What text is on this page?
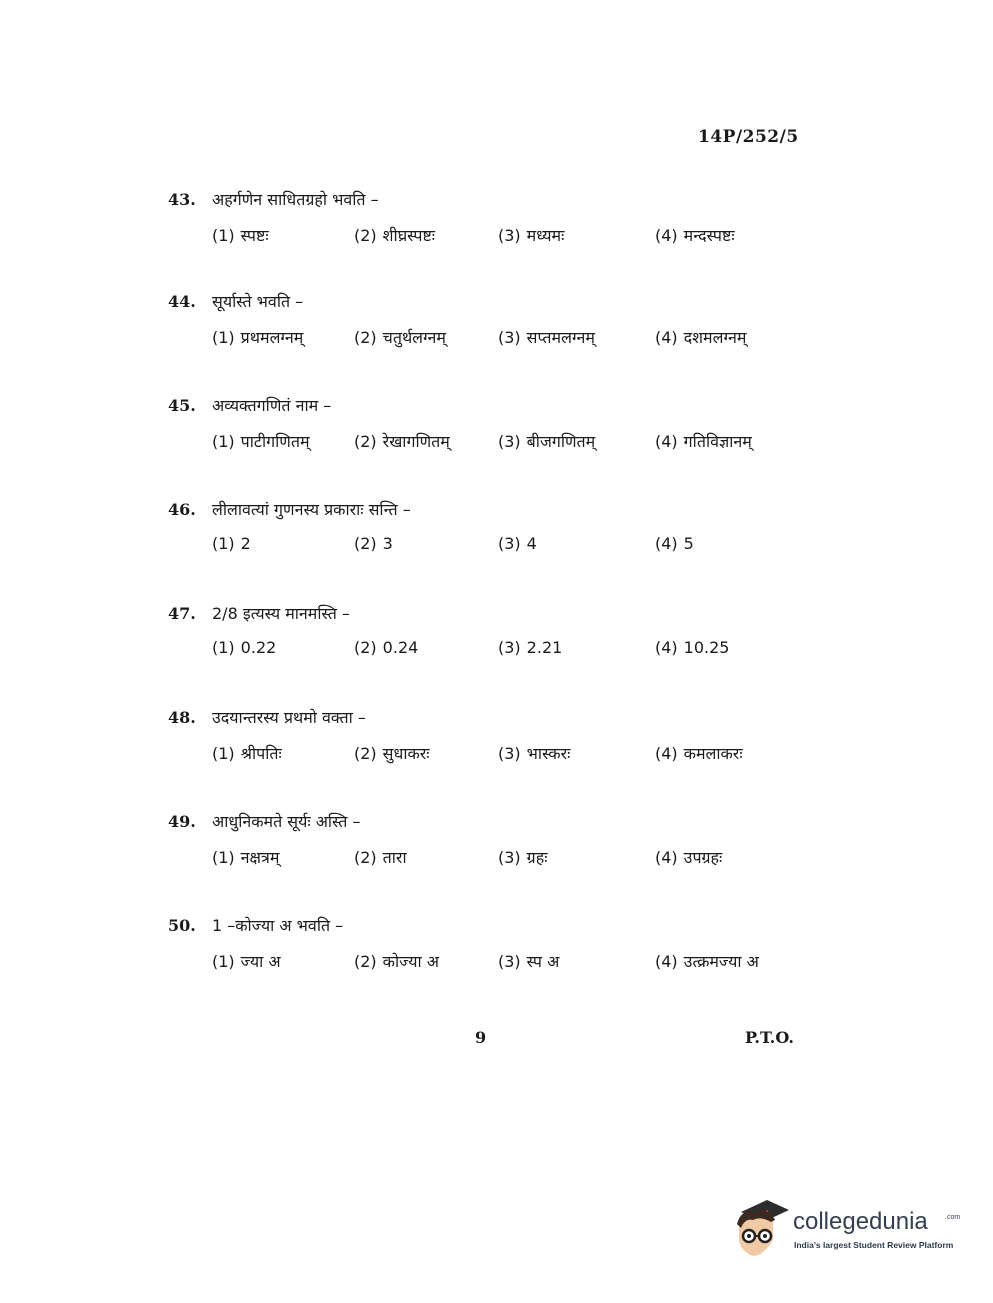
14P/252/5
43.	अहर्गणेन साधितग्रहो भवति –
(1) स्पष्टः	(2) शीघ्रस्पष्टः	(3) मध्यमः	(4) मन्दस्पष्टः
44.	सूर्यास्ते भवति –
(1) प्रथमलग्नम्	(2) चतुर्थलग्नम्	(3) सप्तमलग्नम्	(4) दशमलग्नम्
45.	अव्यक्तगणितं नाम –
(1) पाटीगणितम्	(2) रेखागणितम्	(3) बीजगणितम्	(4) गतिविज्ञानम्
46.	लीलावत्यां गुणनस्य प्रकाराः सन्ति –
(1) 2	(2) 3	(3) 4	(4) 5
47.	2/8 इत्यस्य मानमस्ति –
(1) 0.22	(2) 0.24	(3) 2.21	(4) 10.25
48.	उदयान्तरस्य प्रथमो वक्ता –
(1) श्रीपतिः	(2) सुधाकरः	(3) भास्करः	(4) कमलाकरः
49.	आधुनिकमते सूर्यः अस्ति –
(1) नक्षत्रम्	(2) तारा	(3) ग्रहः	(4) उपग्रहः
50.	1 –कोज्या अ भवति –
(1) ज्या अ	(2) कोज्या अ	(3) स्प अ	(4) उत्क्रमज्या अ
9	P.T.O.
collegedunia .com
India's largest Student Review Platform
